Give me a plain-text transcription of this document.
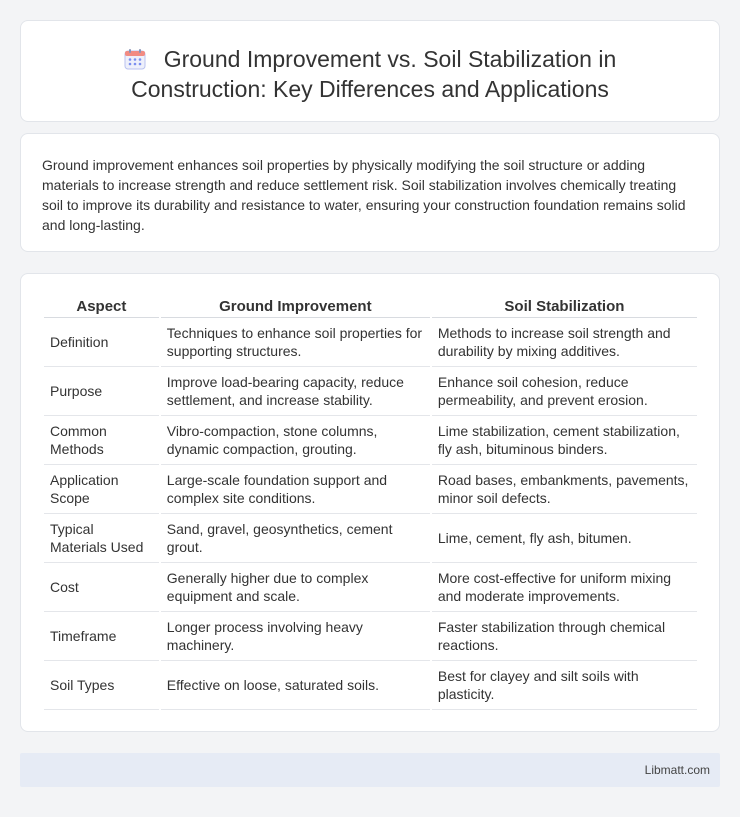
Ground Improvement vs. Soil Stabilization in
Construction: Key Differences and Applications

Ground improvement enhances soil properties by physically modifying the soil structure or adding materials to increase strength and reduce settlement risk. Soil stabilization involves chemically treating soil to improve its durability and resistance to water, ensuring your construction foundation remains solid and long-lasting.

Aspect	Ground Improvement	Soil Stabilization
Definition	Techniques to enhance soil properties for supporting structures.	Methods to increase soil strength and durability by mixing additives.
Purpose	Improve load-bearing capacity, reduce settlement, and increase stability.	Enhance soil cohesion, reduce permeability, and prevent erosion.
Common Methods	Vibro-compaction, stone columns, dynamic compaction, grouting.	Lime stabilization, cement stabilization, fly ash, bituminous binders.
Application Scope	Large-scale foundation support and complex site conditions.	Road bases, embankments, pavements, minor soil defects.
Typical Materials Used	Sand, gravel, geosynthetics, cement grout.	Lime, cement, fly ash, bitumen.
Cost	Generally higher due to complex equipment and scale.	More cost-effective for uniform mixing and moderate improvements.
Timeframe	Longer process involving heavy machinery.	Faster stabilization through chemical reactions.
Soil Types	Effective on loose, saturated soils.	Best for clayey and silt soils with plasticity.
Libmatt.com
